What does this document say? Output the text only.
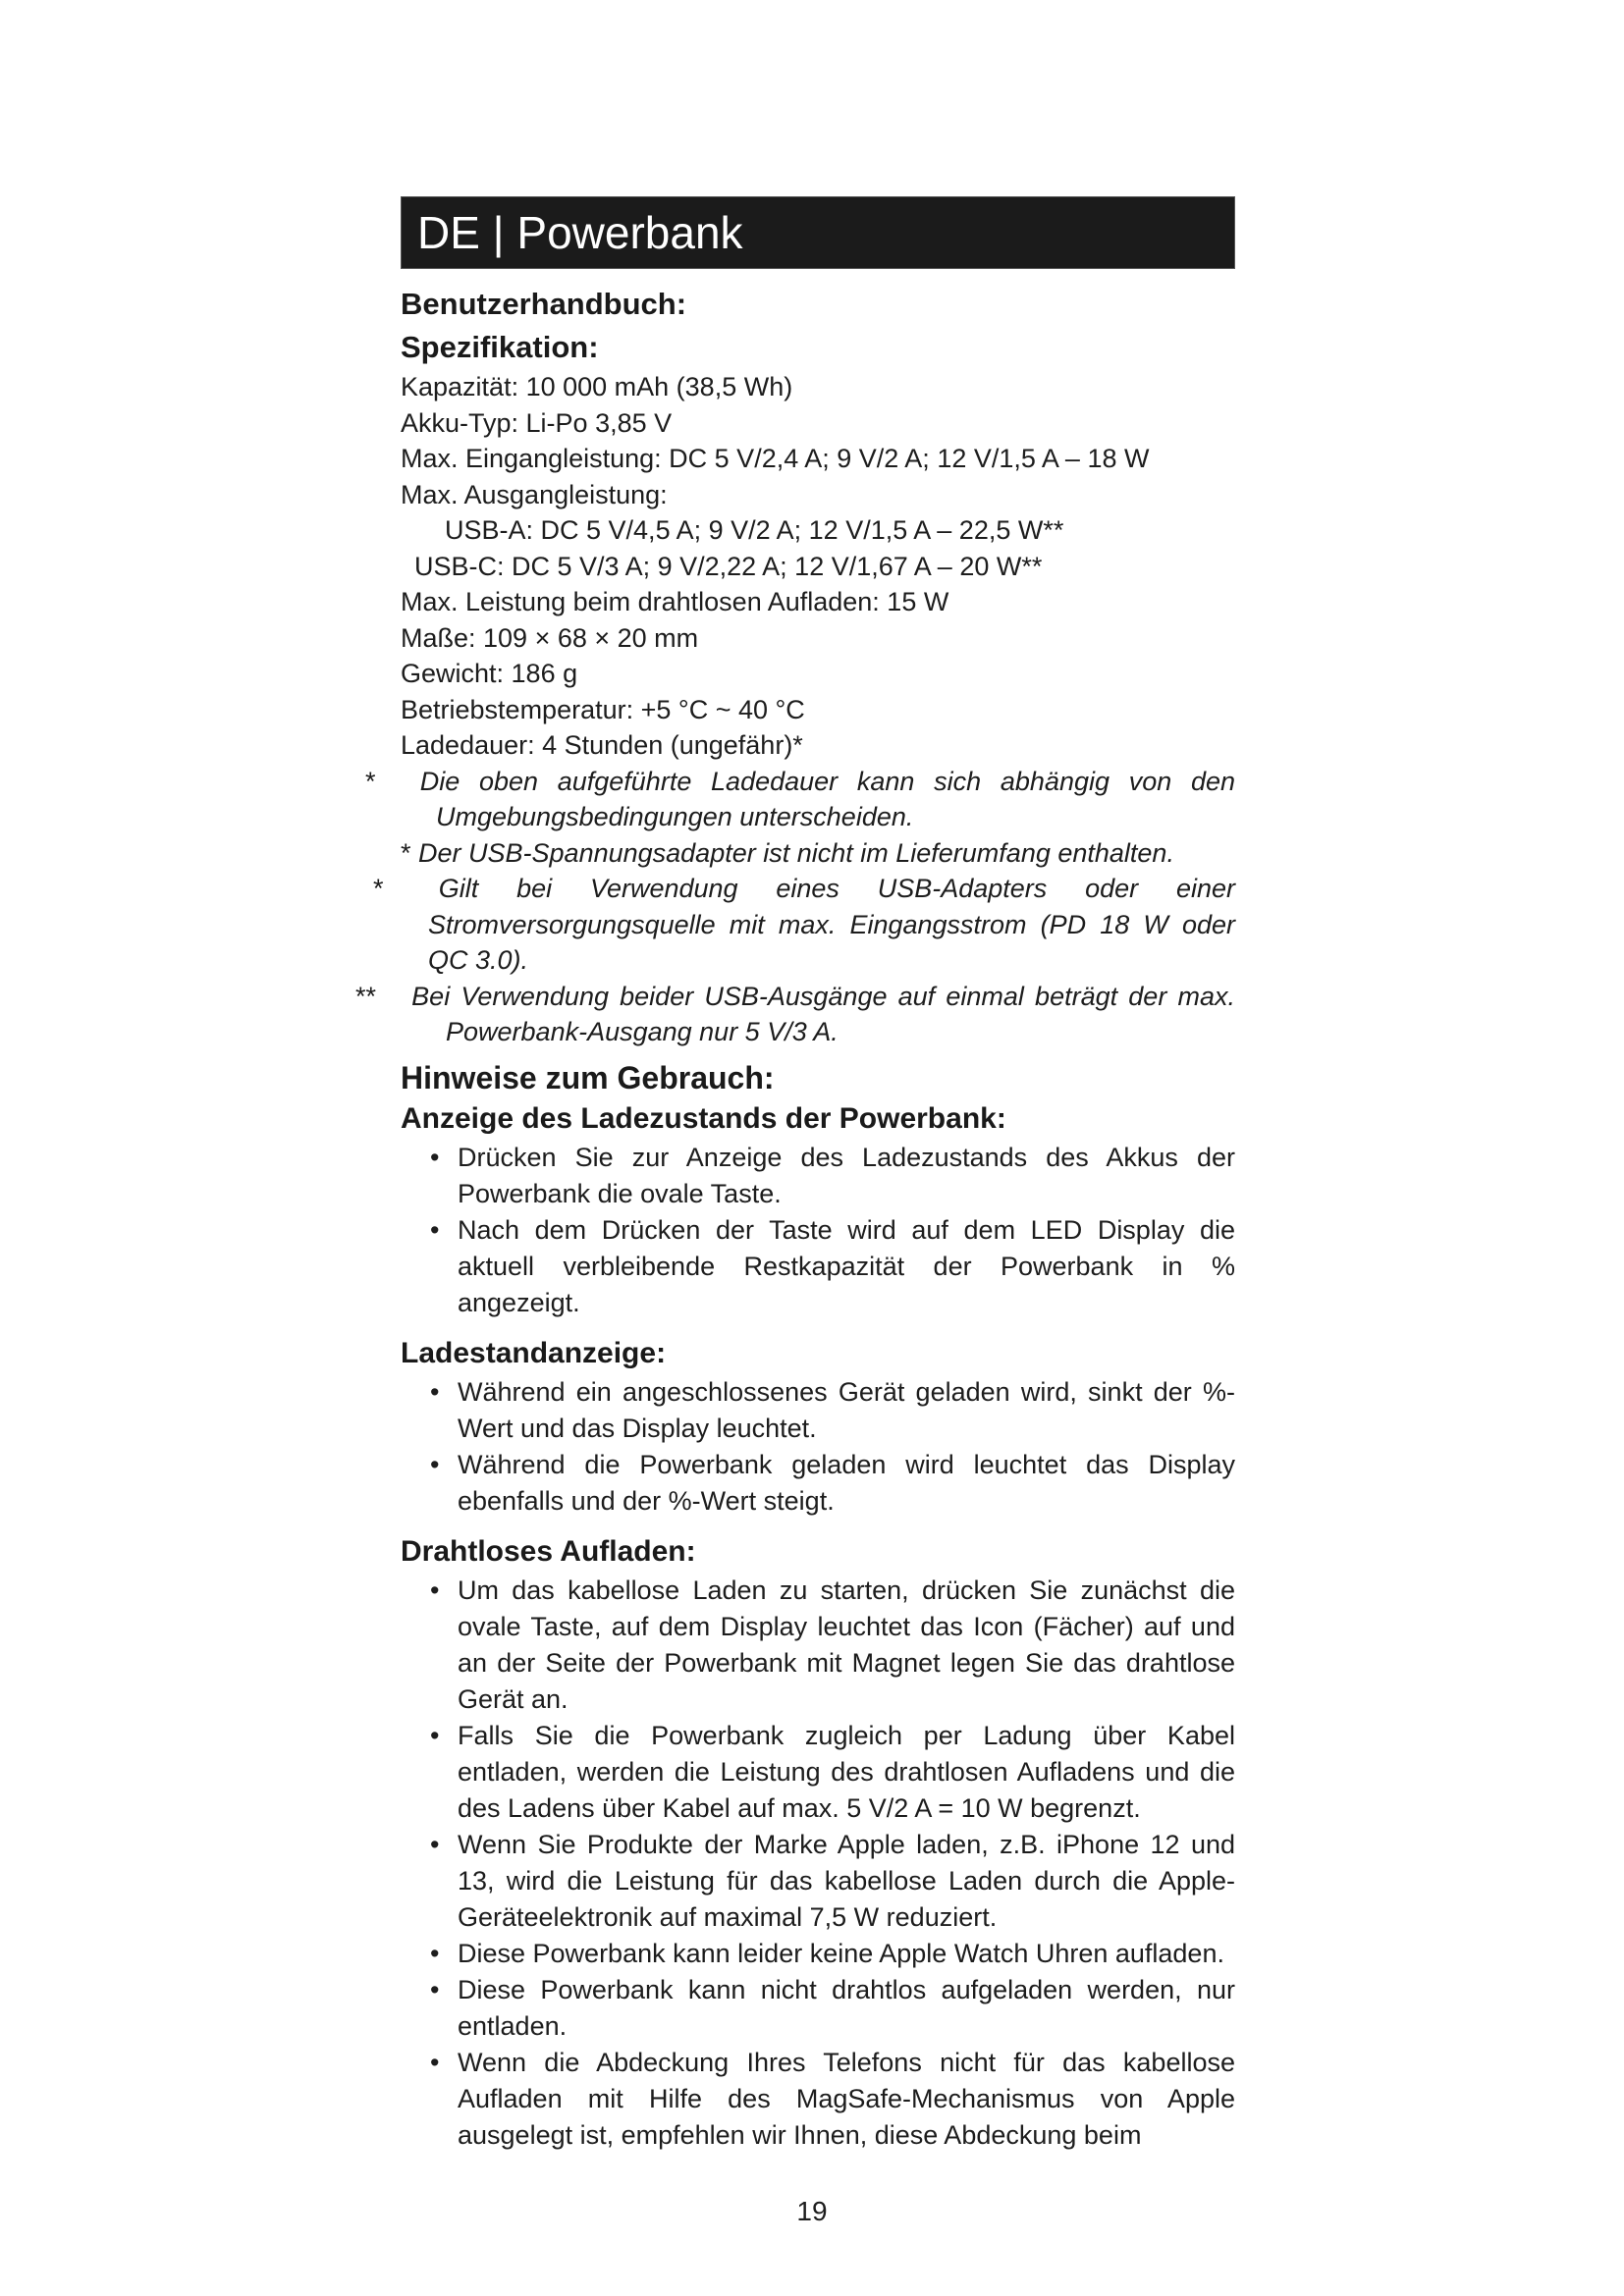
DE | Powerbank
Benutzerhandbuch:
Spezifikation:
Kapazität: 10 000 mAh (38,5 Wh)
Akku-Typ: Li-Po 3,85 V
Max. Eingangleistung: DC 5 V/2,4 A; 9 V/2 A; 12 V/1,5 A – 18 W
Max. Ausgangleistung:
USB-A: DC 5 V/4,5 A; 9 V/2 A; 12 V/1,5 A – 22,5 W**
USB-C: DC 5 V/3 A; 9 V/2,22 A; 12 V/1,67 A – 20 W**
Max. Leistung beim drahtlosen Aufladen: 15 W
Maße: 109 × 68 × 20 mm
Gewicht: 186 g
Betriebstemperatur: +5 °C ~ 40 °C
Ladedauer: 4 Stunden (ungefähr)*
* Die oben aufgeführte Ladedauer kann sich abhängig von den Umgebungsbedingungen unterscheiden.
* Der USB-Spannungsadapter ist nicht im Lieferumfang enthalten.
* Gilt bei Verwendung eines USB-Adapters oder einer Stromversorgungsquelle mit max. Eingangsstrom (PD 18 W oder QC 3.0).
** Bei Verwendung beider USB-Ausgänge auf einmal beträgt der max. Powerbank-Ausgang nur 5 V/3 A.
Hinweise zum Gebrauch:
Anzeige des Ladezustands der Powerbank:
• Drücken Sie zur Anzeige des Ladezustands des Akkus der Powerbank die ovale Taste.
• Nach dem Drücken der Taste wird auf dem LED Display die aktuell verbleibende Restkapazität der Powerbank in % angezeigt.
Ladestandanzeige:
• Während ein angeschlossenes Gerät geladen wird, sinkt der %-Wert und das Display leuchtet.
• Während die Powerbank geladen wird leuchtet das Display ebenfalls und der %-Wert steigt.
Drahtloses Aufladen:
• Um das kabellose Laden zu starten, drücken Sie zunächst die ovale Taste, auf dem Display leuchtet das Icon (Fächer) auf und an der Seite der Powerbank mit Magnet legen Sie das drahtlose Gerät an.
• Falls Sie die Powerbank zugleich per Ladung über Kabel entladen, werden die Leistung des drahtlosen Aufladens und die des Ladens über Kabel auf max. 5 V/2 A = 10 W begrenzt.
• Wenn Sie Produkte der Marke Apple laden, z.B. iPhone 12 und 13, wird die Leistung für das kabellose Laden durch die Apple-Geräteelektronik auf maximal 7,5 W reduziert.
• Diese Powerbank kann leider keine Apple Watch Uhren aufladen.
• Diese Powerbank kann nicht drahtlos aufgeladen werden, nur entladen.
• Wenn die Abdeckung Ihres Telefons nicht für das kabellose Aufladen mit Hilfe des MagSafe-Mechanismus von Apple ausgelegt ist, empfehlen wir Ihnen, diese Abdeckung beim
19
